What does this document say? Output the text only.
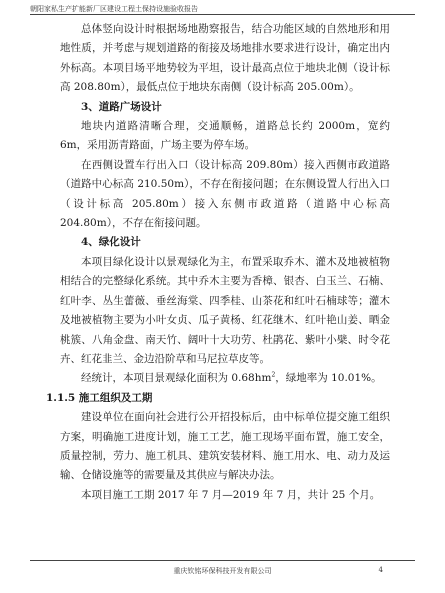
朝阳家私生产扩能新厂区建设工程土保持设施验收报告

总体竖向设计时根据场地勘察报告，结合功能区域的自然地形和用地性质，并考虑与规划道路的衔接及场地排水要求进行设计，确定出内外标高。本项目场平地势较为平坦，设计最高点位于地块北侧（设计标高 208.80m），最低点位于地块东南侧（设计标高 205.00m）。

3、道路广场设计

地块内道路清晰合理，交通顺畅，道路总长约 2000m，宽约 6m，采用沥青路面，广场主要为停车场。

在西侧设置车行出入口（设计标高 209.80m）接入西侧市政道路（道路中心标高 210.50m），不存在衔接问题；在东侧设置人行出入口（设计标高 205.80m）接入东侧市政道路（道路中心标高 204.80m），不存在衔接问题。

4、绿化设计

本项目绿化设计以景观绿化为主，布置采取乔木、灌木及地被植物相结合的完整绿化系统。其中乔木主要为香樟、银杏、白玉兰、石楠、红叶李、丛生蕾薇、垂丝海棠、四季桂、山茶花和红叶石楠球等；灌木及地被植物主要为小叶女贞、瓜子黄杨、红花继木、红叶艳山姜、晒金桃簇、八角金盘、南天竹、阔叶十大功劳、杜鹃花、紫叶小檗、时令花卉、红花韭兰、金边沿阶草和马尼拉草皮等。

经统计，本项目景观绿化面积为 $0.68hm^2$，绿地率为 10.01%。

1.1.5 施工组织及工期

建设单位在面向社会进行公开招投标后，由中标单位提交施工组织方案，明确施工进度计划，施工工艺，施工现场平面布置，施工安全，质量控制，劳力、施工机具、建筑安装材料、施工用水、电、动力及运输、仓储设施等的需要量及其供应与解决办法。

本项目施工工期 2017 年 7 月—2019 年 7 月，共计 25 个月。

重庆钦铭环保科技开发有限公司	4
